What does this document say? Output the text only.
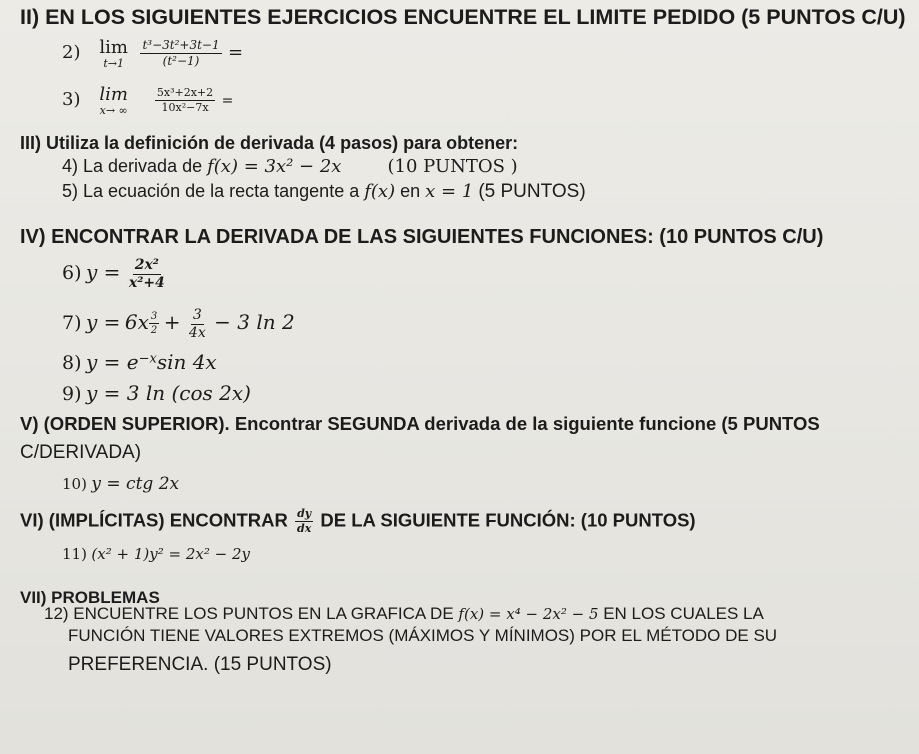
II) EN LOS SIGUIENTES EJERCICIOS ENCUENTRE EL LIMITE PEDIDO (5 PUNTOS C/U)
2) lim
t→1
$\frac{\text{t³−3t²+3t−1}}{\text{(t²−1)}}$ =
3) lim
x→ ∞
$\frac{\text{5x³+2x+2}}{\text{10x²−7x}}$ =
III) Utiliza la definición de derivada (4 pasos) para obtener:
4) La derivada de f(x) = 3x² − 2x	(10 PUNTOS )
5) La ecuación de la recta tangente a f(x) en x = 1 (5 PUNTOS)
IV) ENCONTRAR LA DERIVADA DE LAS SIGUIENTES FUNCIONES: (10 PUNTOS C/U)
6) $y = \frac{\text{2x²}}{\text{x²+4}}$
7) $y = 6x \frac{3}{2} + \frac{3}{4x} - 3$ ln 2
8) $y = e^{-x}\sin$ 4x
9) y = 3 ln (cos 2x)
V) (ORDEN SUPERIOR). Encontrar SEGUNDA derivada de la siguiente funcione (5 PUNTOS
C/DERIVADA)
10) y = ctg 2x
VI) (IMPLÍCITAS) ENCONTRAR $\frac{dy}{dx}$ DE LA SIGUIENTE FUNCIÓN: (10 PUNTOS)
11) (x² + 1)y² = 2x² − 2y
VII) PROBLEMAS
12) ENCUENTRE LOS PUNTOS EN LA GRAFICA DE f(x) = x⁴ − 2x² − 5 EN LOS CUALES LA
FUNCIÓN TIENE VALORES EXTREMOS (MÁXIMOS Y MÍNIMOS) POR EL MÉTODO DE SU
PREFERENCIA. (15 PUNTOS)
